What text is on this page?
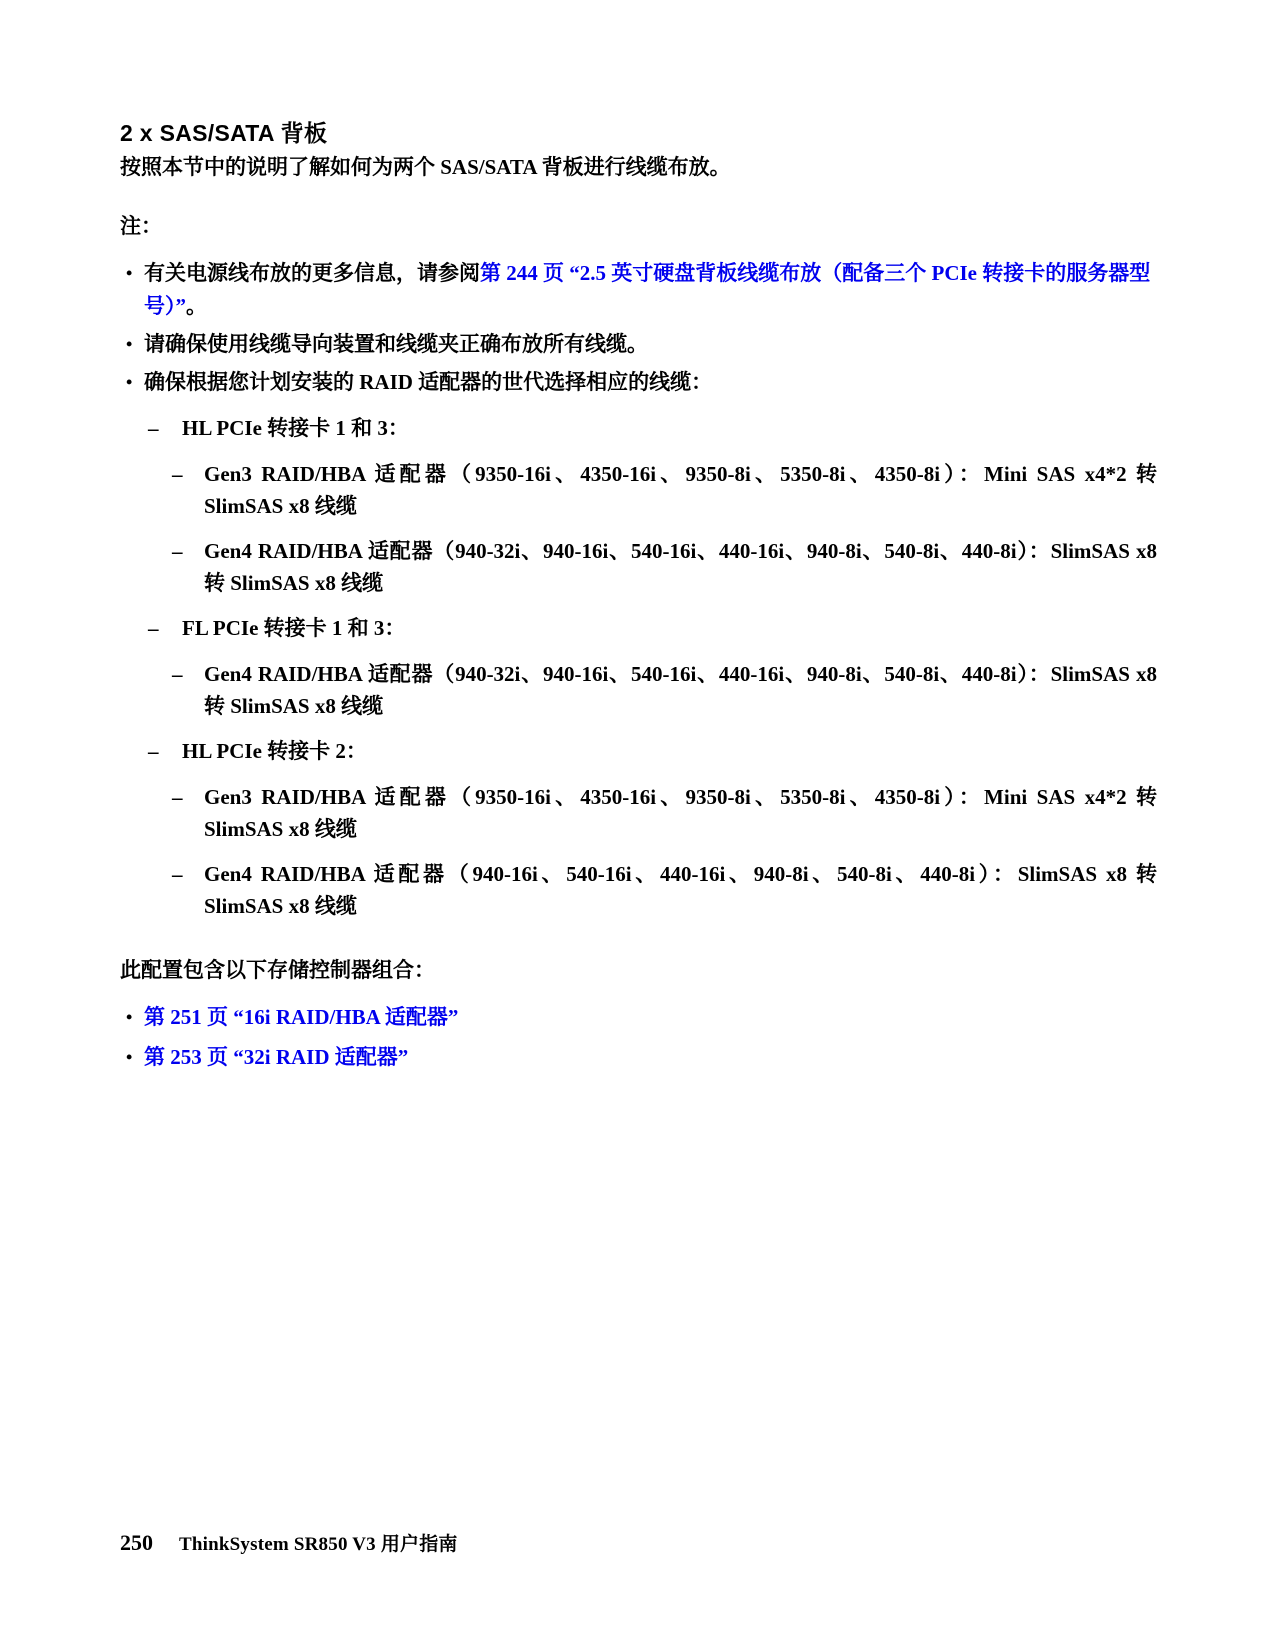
2 x SAS/SATA 背板

按照本节中的说明了解如何为两个 SAS/SATA 背板进行线缆布放。

注：

• 有关电源线布放的更多信息，请参阅第 244 页 “2.5 英寸硬盘背板线缆布放（配备三个 PCIe 转接卡的服务器型号）”。
• 请确保使用线缆导向装置和线缆夹正确布放所有线缆。
• 确保根据您计划安装的 RAID 适配器的世代选择相应的线缆：
–	HL PCIe 转接卡 1 和 3：
–	Gen3 RAID/HBA 适配器（9350-16i、4350-16i、9350-8i、5350-8i、4350-8i）：Mini SAS x4*2 转 SlimSAS x8 线缆
–	Gen4 RAID/HBA 适配器（940-32i、940-16i、540-16i、440-16i、940-8i、540-8i、440-8i）：SlimSAS x8 转 SlimSAS x8 线缆
–	FL PCIe 转接卡 1 和 3：
–	Gen4 RAID/HBA 适配器（940-32i、940-16i、540-16i、440-16i、940-8i、540-8i、440-8i）：SlimSAS x8 转 SlimSAS x8 线缆
–	HL PCIe 转接卡 2：
–	Gen3 RAID/HBA 适配器（9350-16i、4350-16i、9350-8i、5350-8i、4350-8i）：Mini SAS x4*2 转 SlimSAS x8 线缆
–	Gen4 RAID/HBA 适配器（940-16i、540-16i、440-16i、940-8i、540-8i、440-8i）：SlimSAS x8 转 SlimSAS x8 线缆

此配置包含以下存储控制器组合：

• 第 251 页 “16i RAID/HBA 适配器”
• 第 253 页 “32i RAID 适配器”
250 ThinkSystem SR850 V3 用户指南
